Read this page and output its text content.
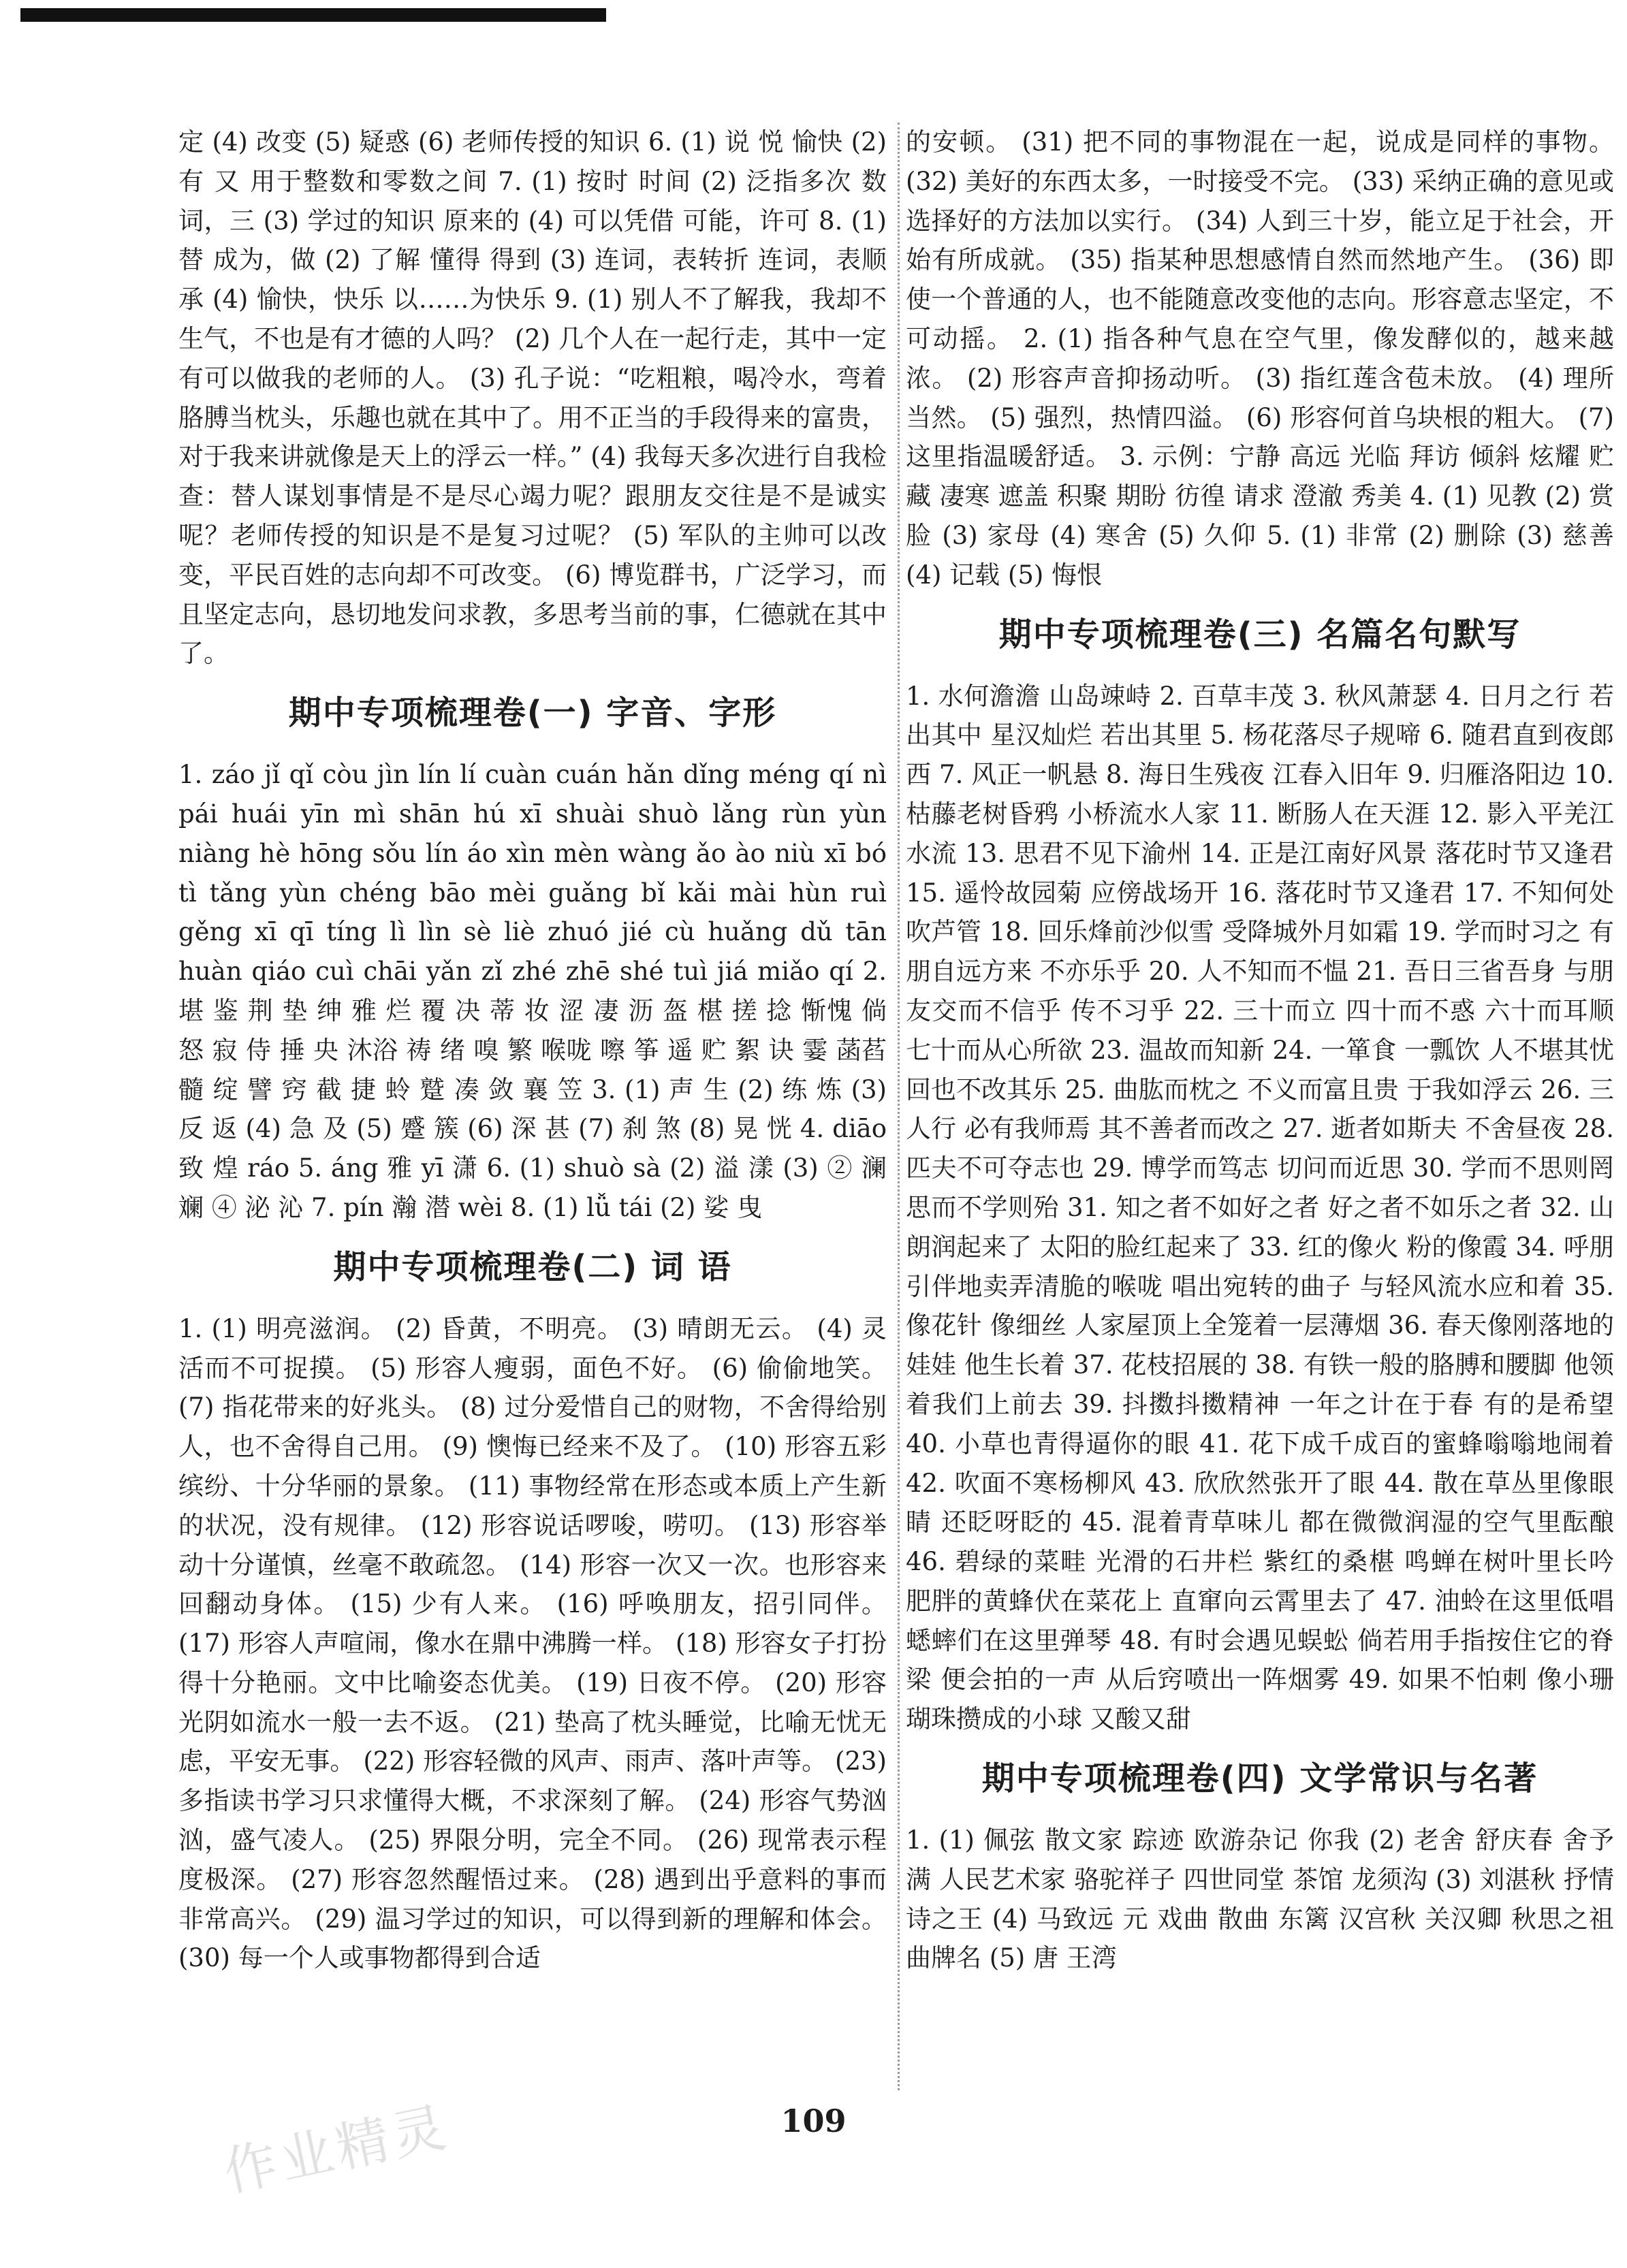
定 (4) 改变 (5) 疑惑 (6) 老师传授的知识 6. (1) 说 悦 愉快 (2) 有 又 用于整数和零数之间 7. (1) 按时 时间 (2) 泛指多次 数词，三 (3) 学过的知识 原来的 (4) 可以凭借 可能，许可 8. (1) 替 成为，做 (2) 了解 懂得 得到 (3) 连词，表转折 连词，表顺承 (4) 愉快，快乐 以……为快乐 9. (1) 别人不了解我，我却不生气，不也是有才德的人吗？ (2) 几个人在一起行走，其中一定有可以做我的老师的人。 (3) 孔子说：“吃粗粮，喝冷水，弯着胳膊当枕头，乐趣也就在其中了。用不正当的手段得来的富贵，对于我来讲就像是天上的浮云一样。” (4) 我每天多次进行自我检查：替人谋划事情是不是尽心竭力呢？跟朋友交往是不是诚实呢？老师传授的知识是不是复习过呢？ (5) 军队的主帅可以改变，平民百姓的志向却不可改变。 (6) 博览群书，广泛学习，而且坚定志向，恳切地发问求教，多思考当前的事，仁德就在其中了。

期中专项梳理卷(一) 字音、字形

1. záo jǐ qǐ còu jìn lín lí cuàn cuán hǎn dǐng méng qí nì pái huái yīn mì shān hú xī shuài shuò lǎng rùn yùn niàng hè hōng sǒu lín áo xìn mèn wàng ǎo ào niù xī bó tì tǎng yùn chéng bāo mèi guǎng bǐ kǎi mài hùn ruì gěng xī qī tíng lì lìn sè liè zhuó jié cù huǎng dǔ tān huàn qiáo cuì chāi yǎn zǐ zhé zhē shé tuì jiá miǎo qí 2. 堪 鉴 荆 垫 绅 雅 烂 覆 决 蒂 妆 涩 凄 沥 盔 椹 搓 捻 惭愧 倘 怒 寂 侍 捶 央 沐浴 祷 绪 嗅 繁 喉咙 嚓 筝 遥 贮 絮 诀 霎 菡萏 髓 绽 譬 窍 截 捷 蛉 蹵 凑 敛 襄 笠 3. (1) 声 生 (2) 练 炼 (3) 反 返 (4) 急 及 (5) 蹙 簇 (6) 深 甚 (7) 刹 煞 (8) 晃 恍 4. diāo 致 煌 ráo 5. áng 雅 yī 潇 6. (1) shuò sà (2) 溢 漾 (3) ② 澜 斓 ④ 泌 沁 7. pín 瀚 潜 wèi 8. (1) lǚ tái (2) 娑 曳

期中专项梳理卷(二) 词 语

1. (1) 明亮滋润。 (2) 昏黄，不明亮。 (3) 晴朗无云。 (4) 灵活而不可捉摸。 (5) 形容人瘦弱，面色不好。 (6) 偷偷地笑。 (7) 指花带来的好兆头。 (8) 过分爱惜自己的财物，不舍得给别人，也不舍得自己用。 (9) 懊悔已经来不及了。 (10) 形容五彩缤纷、十分华丽的景象。 (11) 事物经常在形态或本质上产生新的状况，没有规律。 (12) 形容说话啰唆，唠叨。 (13) 形容举动十分谨慎，丝毫不敢疏忽。 (14) 形容一次又一次。也形容来回翻动身体。 (15) 少有人来。 (16) 呼唤朋友，招引同伴。 (17) 形容人声喧闹，像水在鼎中沸腾一样。 (18) 形容女子打扮得十分艳丽。文中比喻姿态优美。 (19) 日夜不停。 (20) 形容光阴如流水一般一去不返。 (21) 垫高了枕头睡觉，比喻无忧无虑，平安无事。 (22) 形容轻微的风声、雨声、落叶声等。 (23) 多指读书学习只求懂得大概，不求深刻了解。 (24) 形容气势汹汹，盛气凌人。 (25) 界限分明，完全不同。 (26) 现常表示程度极深。 (27) 形容忽然醒悟过来。 (28) 遇到出乎意料的事而非常高兴。 (29) 温习学过的知识，可以得到新的理解和体会。 (30) 每一个人或事物都得到合适

的安顿。 (31) 把不同的事物混在一起，说成是同样的事物。 (32) 美好的东西太多，一时接受不完。 (33) 采纳正确的意见或选择好的方法加以实行。 (34) 人到三十岁，能立足于社会，开始有所成就。 (35) 指某种思想感情自然而然地产生。 (36) 即使一个普通的人，也不能随意改变他的志向。形容意志坚定，不可动摇。 2. (1) 指各种气息在空气里，像发酵似的，越来越浓。 (2) 形容声音抑扬动听。 (3) 指红莲含苞未放。 (4) 理所当然。 (5) 强烈，热情四溢。 (6) 形容何首乌块根的粗大。 (7) 这里指温暖舒适。 3. 示例：宁静 高远 光临 拜访 倾斜 炫耀 贮藏 凄寒 遮盖 积聚 期盼 彷徨 请求 澄澈 秀美 4. (1) 见教 (2) 赏脸 (3) 家母 (4) 寒舍 (5) 久仰 5. (1) 非常 (2) 删除 (3) 慈善 (4) 记载 (5) 悔恨

期中专项梳理卷(三) 名篇名句默写

1. 水何澹澹 山岛竦峙 2. 百草丰茂 3. 秋风萧瑟 4. 日月之行 若出其中 星汉灿烂 若出其里 5. 杨花落尽子规啼 6. 随君直到夜郎西 7. 风正一帆悬 8. 海日生残夜 江春入旧年 9. 归雁洛阳边 10. 枯藤老树昏鸦 小桥流水人家 11. 断肠人在天涯 12. 影入平羌江水流 13. 思君不见下渝州 14. 正是江南好风景 落花时节又逢君 15. 遥怜故园菊 应傍战场开 16. 落花时节又逢君 17. 不知何处吹芦管 18. 回乐烽前沙似雪 受降城外月如霜 19. 学而时习之 有朋自远方来 不亦乐乎 20. 人不知而不愠 21. 吾日三省吾身 与朋友交而不信乎 传不习乎 22. 三十而立 四十而不惑 六十而耳顺 七十而从心所欲 23. 温故而知新 24. 一箪食 一瓢饮 人不堪其忧 回也不改其乐 25. 曲肱而枕之 不义而富且贵 于我如浮云 26. 三人行 必有我师焉 其不善者而改之 27. 逝者如斯夫 不舍昼夜 28. 匹夫不可夺志也 29. 博学而笃志 切问而近思 30. 学而不思则罔 思而不学则殆 31. 知之者不如好之者 好之者不如乐之者 32. 山朗润起来了 太阳的脸红起来了 33. 红的像火 粉的像霞 34. 呼朋引伴地卖弄清脆的喉咙 唱出宛转的曲子 与轻风流水应和着 35. 像花针 像细丝 人家屋顶上全笼着一层薄烟 36. 春天像刚落地的娃娃 他生长着 37. 花枝招展的 38. 有铁一般的胳膊和腰脚 他领着我们上前去 39. 抖擞抖擞精神 一年之计在于春 有的是希望 40. 小草也青得逼你的眼 41. 花下成千成百的蜜蜂嗡嗡地闹着 42. 吹面不寒杨柳风 43. 欣欣然张开了眼 44. 散在草丛里像眼睛 还眨呀眨的 45. 混着青草味儿 都在微微润湿的空气里酝酿 46. 碧绿的菜畦 光滑的石井栏 紫红的桑椹 鸣蝉在树叶里长吟 肥胖的黄蜂伏在菜花上 直窜向云霄里去了 47. 油蛉在这里低唱 蟋蟀们在这里弹琴 48. 有时会遇见蜈蚣 倘若用手指按住它的脊梁 便会拍的一声 从后窍喷出一阵烟雾 49. 如果不怕刺 像小珊瑚珠攒成的小球 又酸又甜

期中专项梳理卷(四) 文学常识与名著

1. (1) 佩弦 散文家 踪迹 欧游杂记 你我 (2) 老舍 舒庆春 舍予 满 人民艺术家 骆驼祥子 四世同堂 茶馆 龙须沟 (3) 刘湛秋 抒情诗之王 (4) 马致远 元 戏曲 散曲 东篱 汉宫秋 关汉卿 秋思之祖 曲牌名 (5) 唐 王湾

作业精灵	109
